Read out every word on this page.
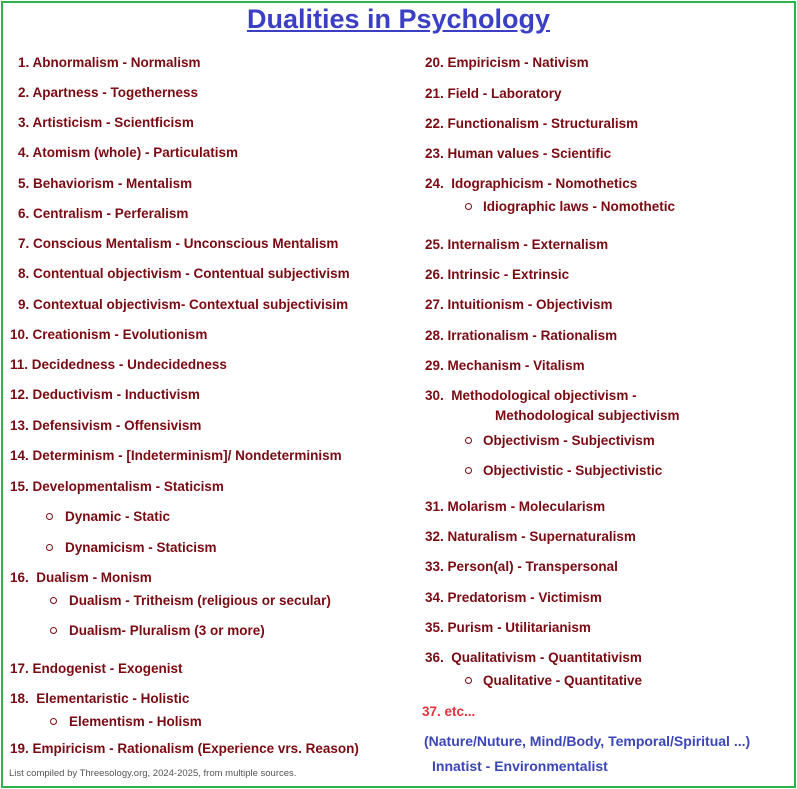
Dualities in Psychology
1. Abnormalism - Normalism
2. Apartness - Togetherness
3. Artisticism - Scientficism
4. Atomism (whole) - Particulatism
5. Behaviorism - Mentalism
6. Centralism - Perferalism
7. Conscious Mentalism - Unconscious Mentalism
8. Contentual objectivism - Contentual subjectivism
9. Contextual objectivism- Contextual subjectivisim
10. Creationism - Evolutionism
11. Decidedness - Undecidedness
12. Deductivism - Inductivism
13. Defensivism - Offensivism
14. Determinism - [Indeterminism]/ Nondeterminism
15. Developmentalism - Staticism
Dynamic - Static
Dynamicism - Staticism
16. Dualism - Monism
Dualism - Tritheism (religious or secular)
Dualism- Pluralism (3 or more)
17. Endogenist - Exogenist
18. Elementaristic - Holistic
Elementism - Holism
19. Empiricism - Rationalism (Experience vrs. Reason)
List compiled by Threesology.org, 2024-2025, from multiple sources.
20. Empiricism - Nativism
21. Field - Laboratory
22. Functionalism - Structuralism
23. Human values - Scientific
24. Idographicism - Nomothetics
Idiographic laws - Nomothetic
25. Internalism - Externalism
26. Intrinsic - Extrinsic
27. Intuitionism - Objectivism
28. Irrationalism - Rationalism
29. Mechanism - Vitalism
30. Methodological objectivism -
Methodological subjectivism
Objectivism - Subjectivism
Objectivistic - Subjectivistic
31. Molarism - Molecularism
32. Naturalism - Supernaturalism
33. Person(al) - Transpersonal
34. Predatorism - Victimism
35. Purism - Utilitarianism
36. Qualitativism - Quantitativism
Qualitative - Quantitative
37. etc...
(Nature/Nuture, Mind/Body, Temporal/Spiritual ...)
Innatist - Environmentalist
